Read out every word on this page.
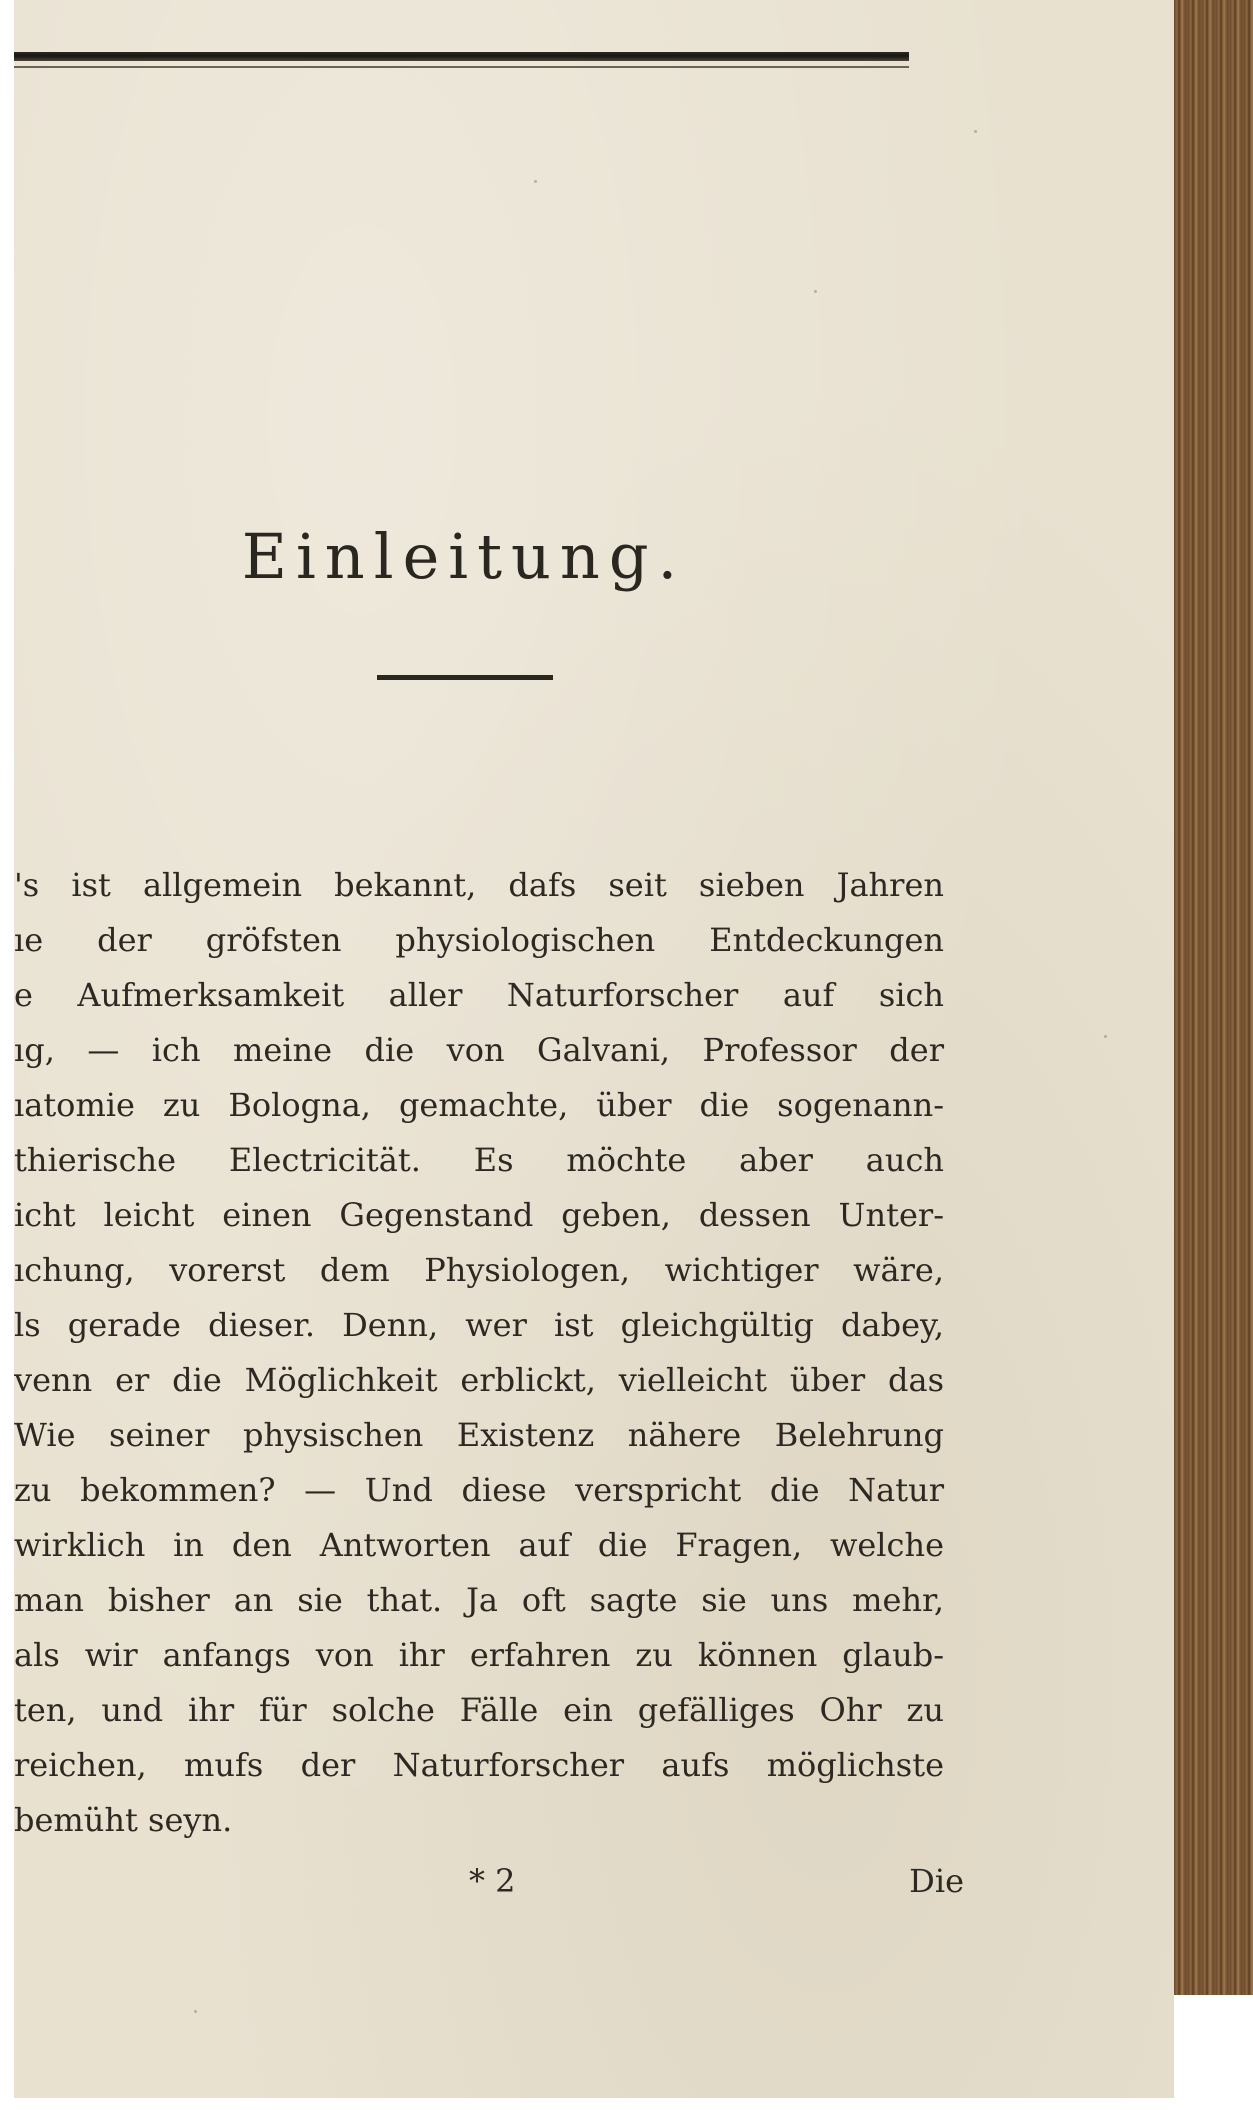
Einleitung.
's ist allgemein bekannt, dafs seit sieben Jahren
ıe der gröfsten physiologischen Entdeckungen
e Aufmerksamkeit aller Naturforscher auf sich
ıg, — ich meine die von Galvani, Professor der
ıatomie zu Bologna, gemachte, über die sogenann-
thierische Electricität. Es möchte aber auch
icht leicht einen Gegenstand geben, dessen Unter-
ıchung, vorerst dem Physiologen, wichtiger wäre,
ls gerade dieser. Denn, wer ist gleichgültig dabey,
venn er die Möglichkeit erblickt, vielleicht über das
Wie seiner physischen Existenz nähere Belehrung
zu bekommen? — Und diese verspricht die Natur
wirklich in den Antworten auf die Fragen, welche
man bisher an sie that. Ja oft sagte sie uns mehr,
als wir anfangs von ihr erfahren zu können glaub-
ten, und ihr für solche Fälle ein gefälliges Ohr zu
reichen, mufs der Naturforscher aufs möglichste
bemüht seyn.
* 2	Die
